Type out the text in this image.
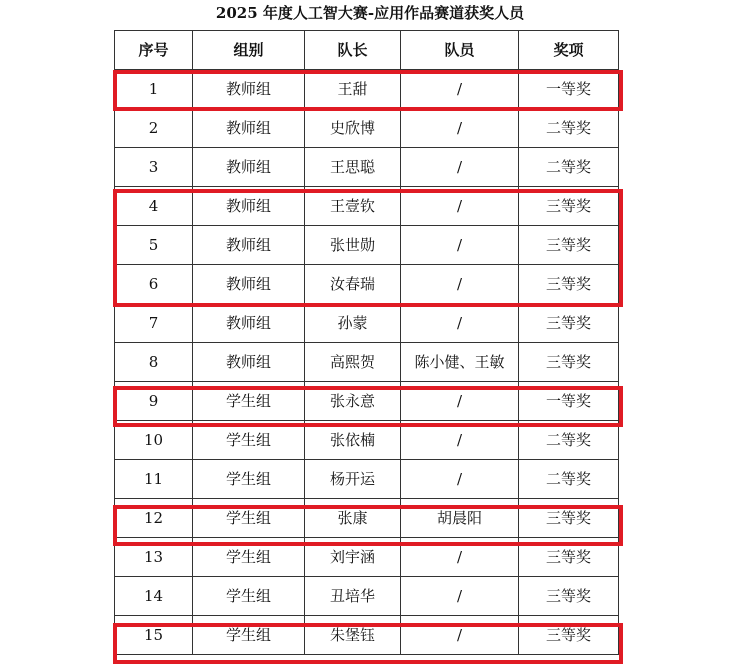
2025 年度人工智大赛-应用作品赛道获奖人员
序号	组别	队长	队员	奖项
1	教师组	王甜	/	一等奖
2	教师组	史欣博	/	二等奖
3	教师组	王思聪	/	二等奖
4	教师组	王壹钦	/	三等奖
5	教师组	张世勋	/	三等奖
6	教师组	汝春瑞	/	三等奖
7	教师组	孙蒙	/	三等奖
8	教师组	高熙贺	陈小健、王敏	三等奖
9	学生组	张永意	/	一等奖
10	学生组	张依楠	/	二等奖
11	学生组	杨开运	/	二等奖
12	学生组	张康	胡晨阳	三等奖
13	学生组	刘宇涵	/	三等奖
14	学生组	丑培华	/	三等奖
15	学生组	朱堡钰	/	三等奖
